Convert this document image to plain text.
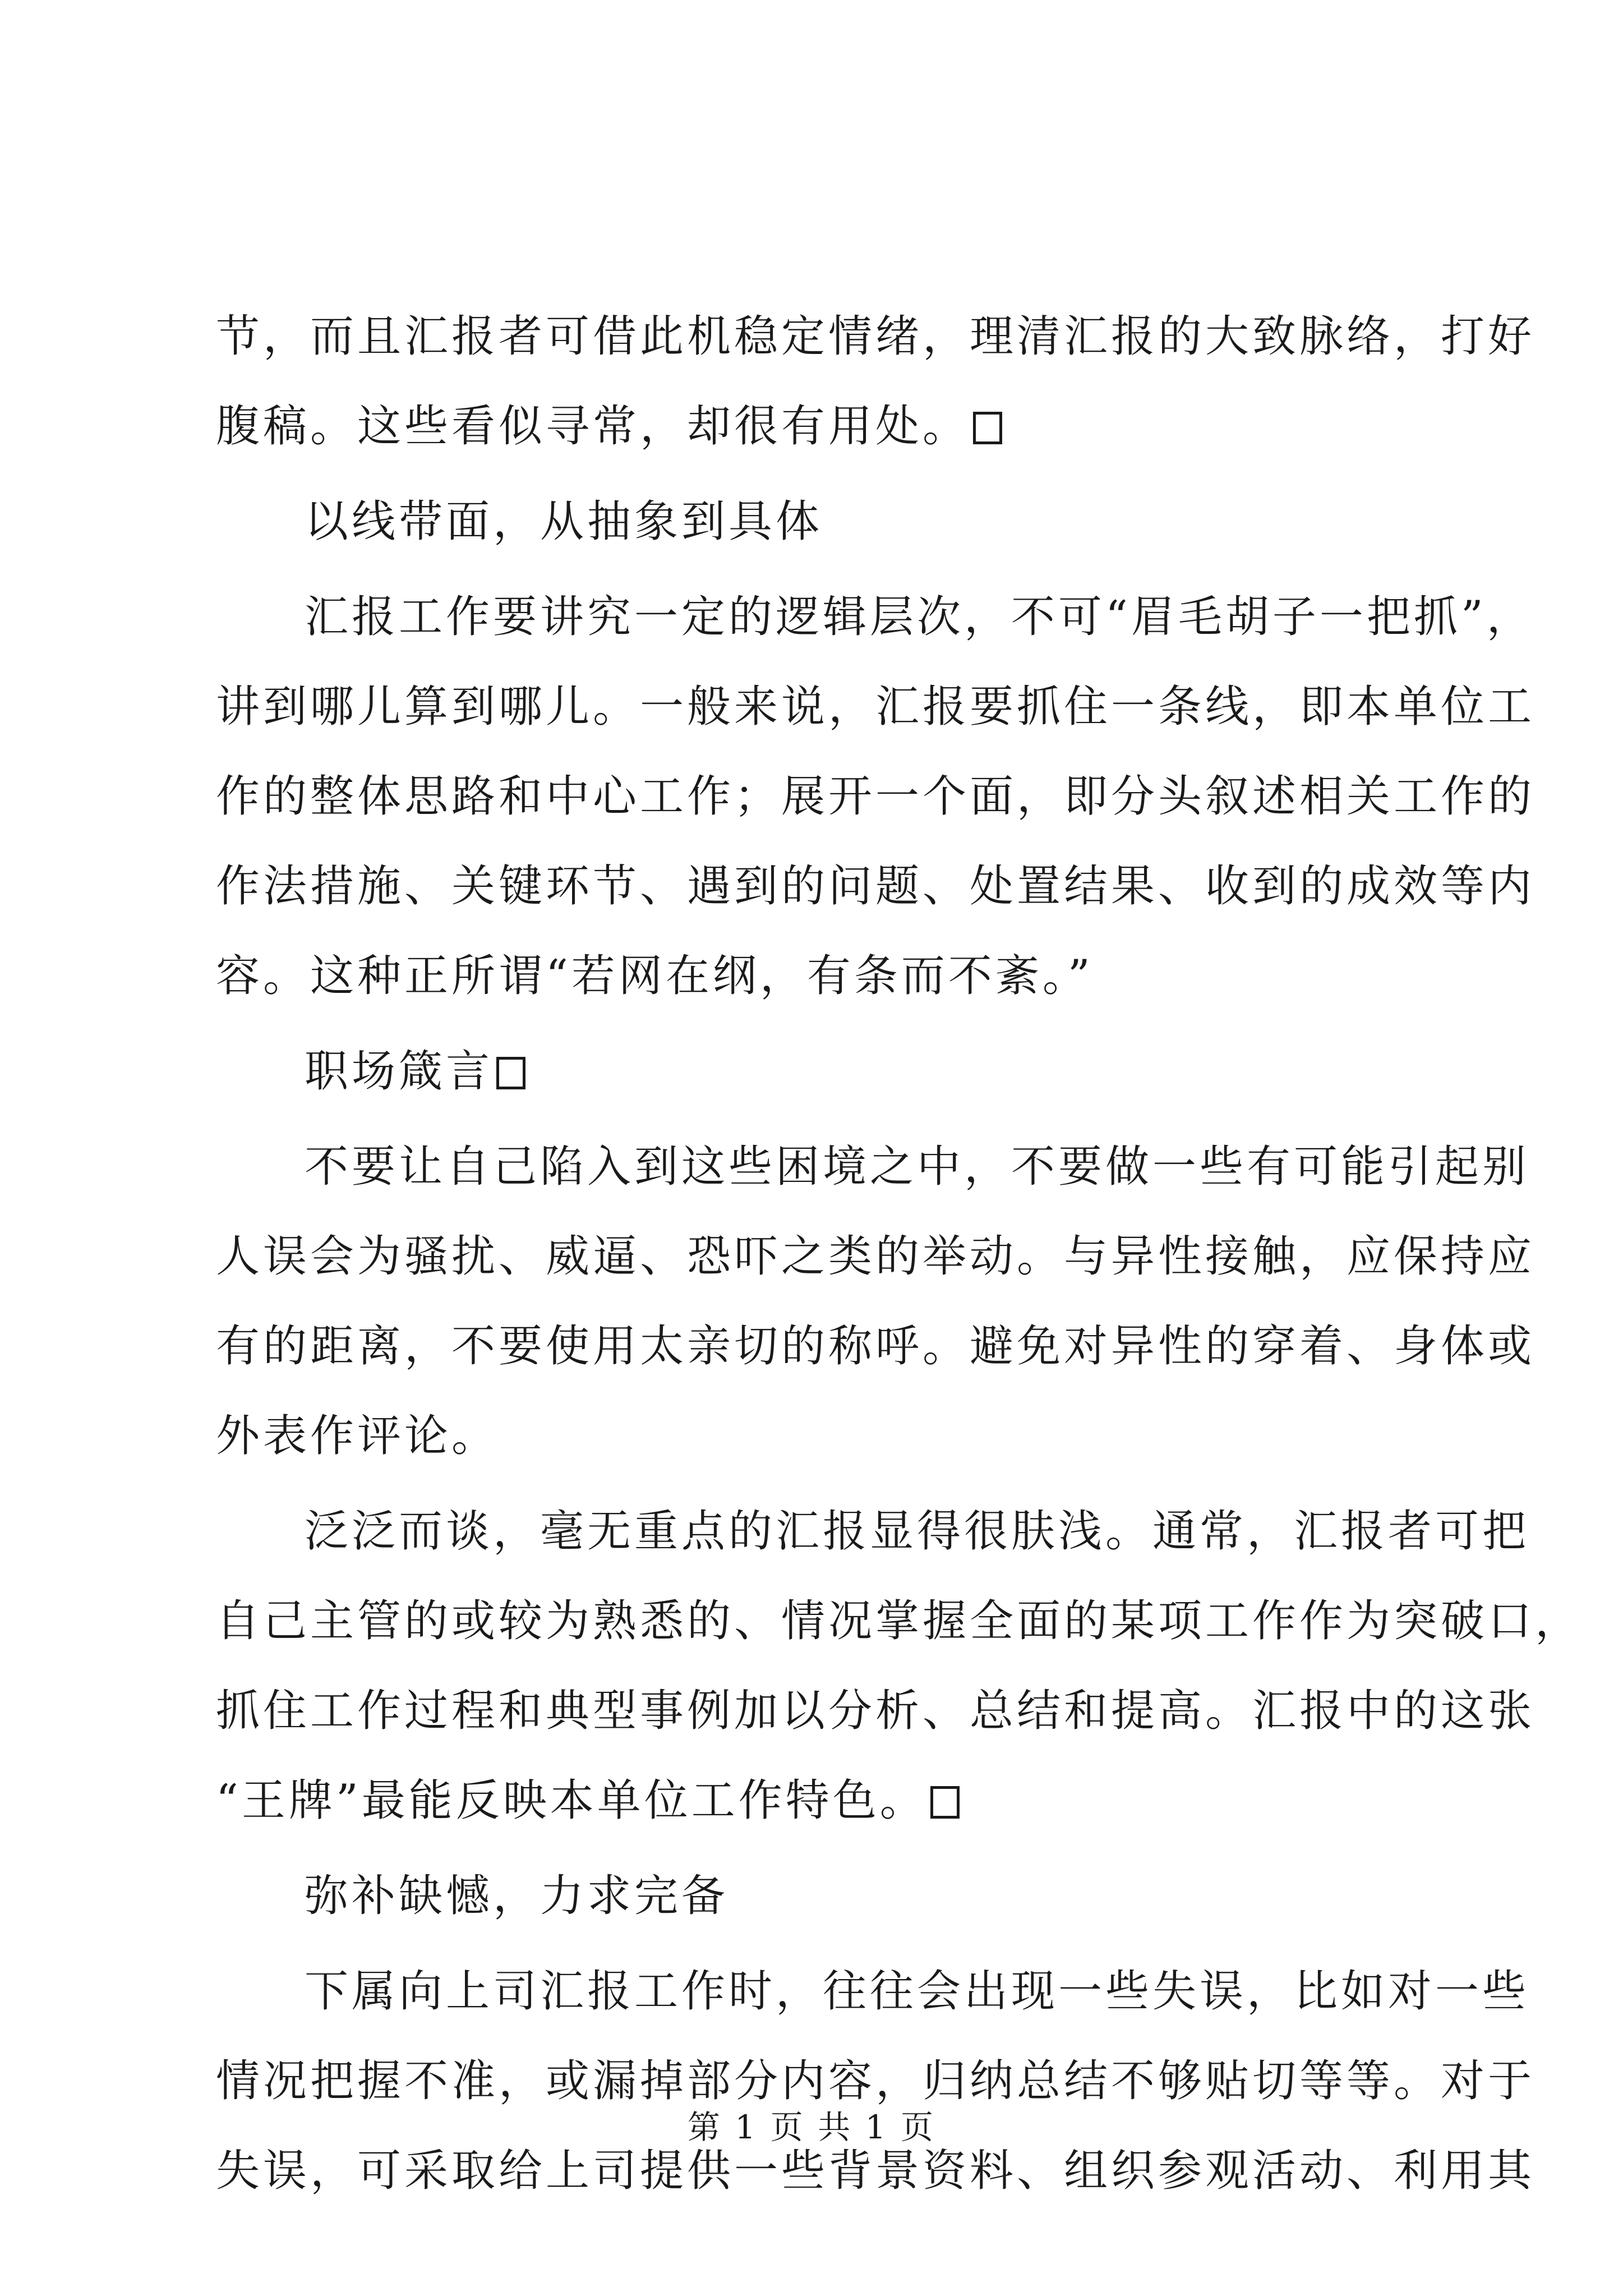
节，而且汇报者可借此机稳定情绪，理清汇报的大致脉络，打好
腹稿。这些看似寻常，却很有用处。
以线带面，从抽象到具体
汇报工作要讲究一定的逻辑层次，不可“眉毛胡子一把抓”，
讲到哪儿算到哪儿。一般来说，汇报要抓住一条线，即本单位工
作的整体思路和中心工作；展开一个面，即分头叙述相关工作的
作法措施、关键环节、遇到的问题、处置结果、收到的成效等内
容。这种正所谓“若网在纲，有条而不紊。”
职场箴言
不要让自己陷入到这些困境之中，不要做一些有可能引起别
人误会为骚扰、威逼、恐吓之类的举动。与异性接触，应保持应
有的距离，不要使用太亲切的称呼。避免对异性的穿着、身体或
外表作评论。
泛泛而谈，毫无重点的汇报显得很肤浅。通常，汇报者可把
自己主管的或较为熟悉的、情况掌握全面的某项工作作为突破口，
抓住工作过程和典型事例加以分析、总结和提高。汇报中的这张
“王牌”最能反映本单位工作特色。
弥补缺憾，力求完备
下属向上司汇报工作时，往往会出现一些失误，比如对一些
情况把握不准，或漏掉部分内容，归纳总结不够贴切等等。对于
失误，可采取给上司提供一些背景资料、组织参观活动、利用其
第 1 页 共 1 页
